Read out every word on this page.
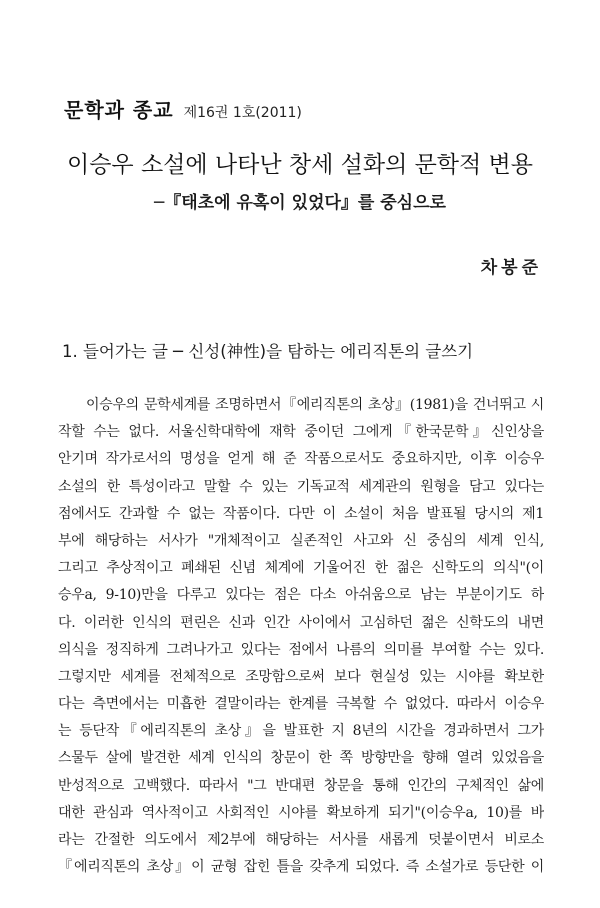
문학과 종교 제16권 1호(2011)
이승우 소설에 나타난 창세 설화의 문학적 변용
─『태초에 유혹이 있었다』를 중심으로
차봉준
1. 들어가는 글 ─ 신성(神性)을 탐하는 에리직톤의 글쓰기
이승우의 문학세계를 조명하면서『에리직톤의 초상』(1981)을 건너뛰고 시
작할 수는 없다. 서울신학대학에 재학 중이던 그에게『한국문학』신인상을
안기며 작가로서의 명성을 얻게 해 준 작품으로서도 중요하지만, 이후 이승우
소설의 한 특성이라고 말할 수 있는 기독교적 세계관의 원형을 담고 있다는
점에서도 간과할 수 없는 작품이다. 다만 이 소설이 처음 발표될 당시의 제1
부에 해당하는 서사가 "개체적이고 실존적인 사고와 신 중심의 세계 인식,
그리고 추상적이고 폐쇄된 신념 체계에 기울어진 한 젊은 신학도의 의식"(이
승우a, 9-10)만을 다루고 있다는 점은 다소 아쉬움으로 남는 부분이기도 하
다. 이러한 인식의 편린은 신과 인간 사이에서 고심하던 젊은 신학도의 내면
의식을 정직하게 그려나가고 있다는 점에서 나름의 의미를 부여할 수는 있다.
그렇지만 세계를 전체적으로 조망함으로써 보다 현실성 있는 시야를 확보한
다는 측면에서는 미흡한 결말이라는 한계를 극복할 수 없었다. 따라서 이승우
는 등단작『에리직톤의 초상』을 발표한 지 8년의 시간을 경과하면서 그가
스물두 살에 발견한 세계 인식의 창문이 한 쪽 방향만을 향해 열려 있었음을
반성적으로 고백했다. 따라서 "그 반대편 창문을 통해 인간의 구체적인 삶에
대한 관심과 역사적이고 사회적인 시야를 확보하게 되기"(이승우a, 10)를 바
라는 간절한 의도에서 제2부에 해당하는 서사를 새롭게 덧붙이면서 비로소
『에리직톤의 초상』이 균형 잡힌 틀을 갖추게 되었다. 즉 소설가로 등단한 이
